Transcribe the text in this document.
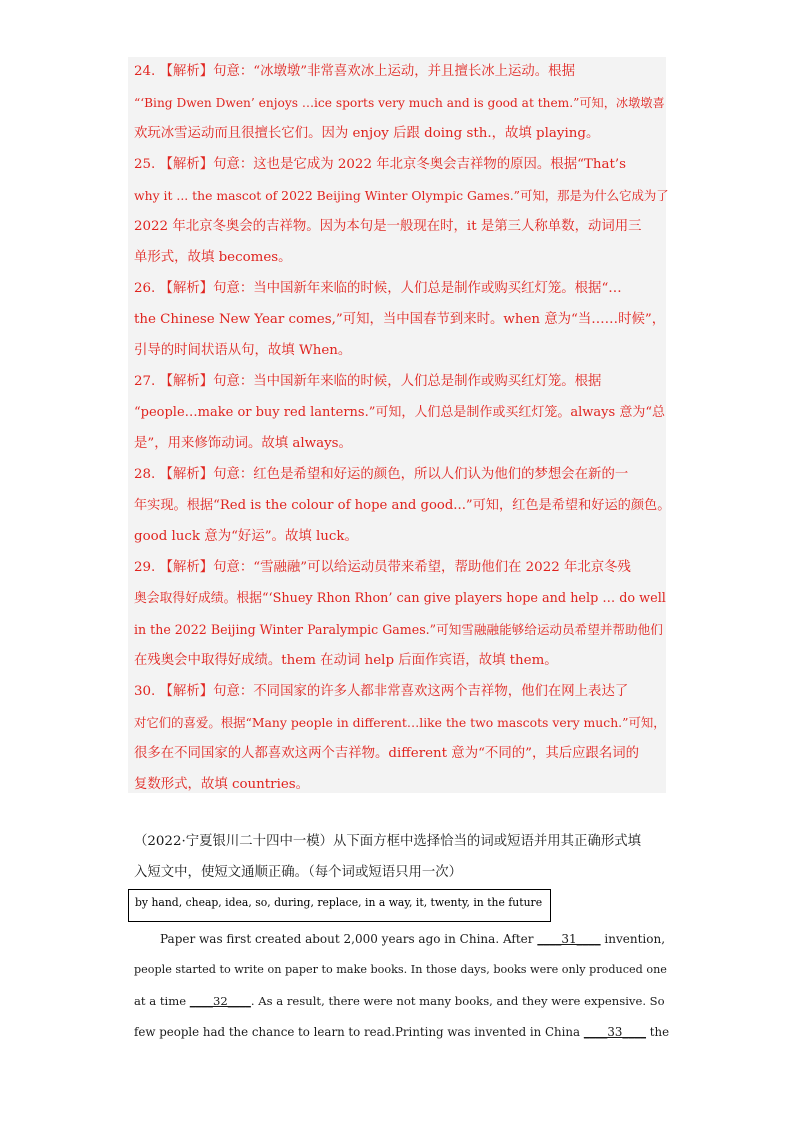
24. 【解析】句意：“冰墩墩”非常喜欢冰上运动，并且擅长冰上运动。根据
“‘Bing Dwen Dwen’ enjoys …ice sports very much and is good at them.”可知，冰墩墩喜
欢玩冰雪运动而且很擅长它们。因为 enjoy 后跟 doing sth.，故填 playing。
25. 【解析】句意：这也是它成为 2022 年北京冬奥会吉祥物的原因。根据“That’s
why it ... the mascot of 2022 Beijing Winter Olympic Games.”可知，那是为什么它成为了
2022 年北京冬奥会的吉祥物。因为本句是一般现在时，it 是第三人称单数，动词用三
单形式，故填 becomes。
26. 【解析】句意：当中国新年来临的时候，人们总是制作或购买红灯笼。根据“…
the Chinese New Year comes,”可知，当中国春节到来时。when 意为“当……时候”，
引导的时间状语从句，故填 When。
27. 【解析】句意：当中国新年来临的时候，人们总是制作或购买红灯笼。根据
“people…make or buy red lanterns.”可知，人们总是制作或买红灯笼。always 意为“总
是”，用来修饰动词。故填 always。
28. 【解析】句意：红色是希望和好运的颜色，所以人们认为他们的梦想会在新的一
年实现。根据“Red is the colour of hope and good...”可知，红色是希望和好运的颜色。
good luck 意为“好运”。故填 luck。
29. 【解析】句意：“雪融融”可以给运动员带来希望，帮助他们在 2022 年北京冬残
奥会取得好成绩。根据“‘Shuey Rhon Rhon’ can give players hope and help … do well
in the 2022 Beijing Winter Paralympic Games.”可知雪融融能够给运动员希望并帮助他们
在残奥会中取得好成绩。them 在动词 help 后面作宾语，故填 them。
30. 【解析】句意：不同国家的许多人都非常喜欢这两个吉祥物，他们在网上表达了
对它们的喜爱。根据“Many people in different…like the two mascots very much.”可知，
很多在不同国家的人都喜欢这两个吉祥物。different 意为“不同的”，其后应跟名词的
复数形式，故填 countries。
（2022·宁夏银川二十四中一模）从下面方框中选择恰当的词或短语并用其正确形式填
入短文中，使短文通顺正确。（每个词或短语只用一次）
by hand, cheap, idea, so, during, replace, in a way, it, twenty, in the future
Paper was first created about 2,000 years ago in China. After ____31____ invention,
people started to write on paper to make books. In those days, books were only produced one
at a time ____32____. As a result, there were not many books, and they were expensive. So
few people had the chance to learn to read.Printing was invented in China ____33____ the
